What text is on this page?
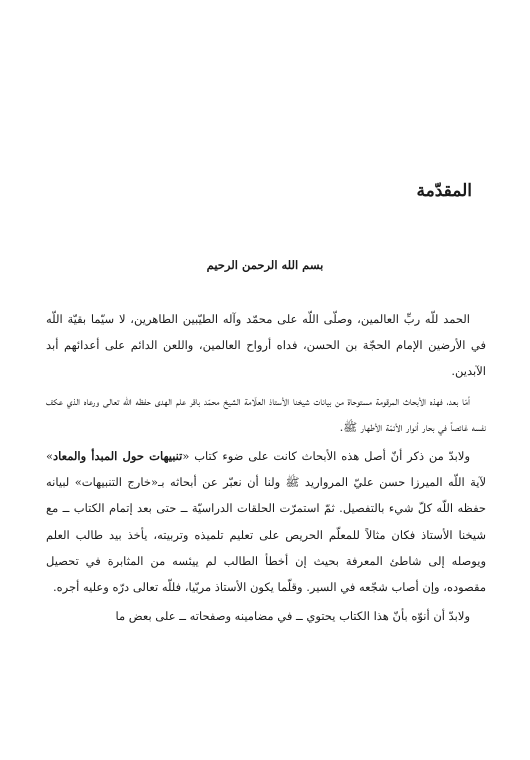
المقدّمة

بسم الله الرحمن الرحيم

الحمد للّه ربِّ العالمين، وصلّى اللّه على محمّد وآله الطيّبين الطاهرين، لا سيّما بقيّة اللّه في الأرضين الإمام الحجّة بن الحسن، فداه أرواح العالمين، واللعن الدائم على أعدائهم أبد الآبدين.

أمّا بعد، فهذه الأبحاث المرقومة مستوحاة من بيانات شيخنا الأستاذ العلّامة الشيخ محمّد باقر علم الهدى حفظه اللّه تعالى ورعاه الذي عكف نفسه غائصاً في بحار أنوار الأئمّة الأطهار ﷺ.

ولابدّ من ذكر أنّ أصل هذه الأبحاث كانت على ضوء كتاب «تنبيهات حول المبدأ والمعاد» لآية اللّه الميرزا حسن عليّ المرواريد ﷺ ولنا أن نعبّر عن أبحاثه بـ«خارج التنبيهات» لبيانه حفظه اللّه كلّ شيء بالتفصيل. ثمّ استمرّت الحلقات الدراسيّة ــ حتى بعد إتمام الكتاب ــ مع شيخنا الأستاذ فكان مثالاً للمعلّم الحريص على تعليم تلميذه وتربيته، يأخذ بيد طالب العلم ويوصله إلى شاطئ المعرفة بحيث إن أخطأ الطالب لم ييئسه من المثابرة في تحصيل مقصوده، وإن أصاب شجّعه في السير. وقلّما يكون الأستاذ مربّيا، فللّه تعالى درّه وعليه أجره.

ولابدّ أن أنوّه بأنّ هذا الكتاب يحتوي ــ في مضامينه وصفحاته ــ على بعض ما
